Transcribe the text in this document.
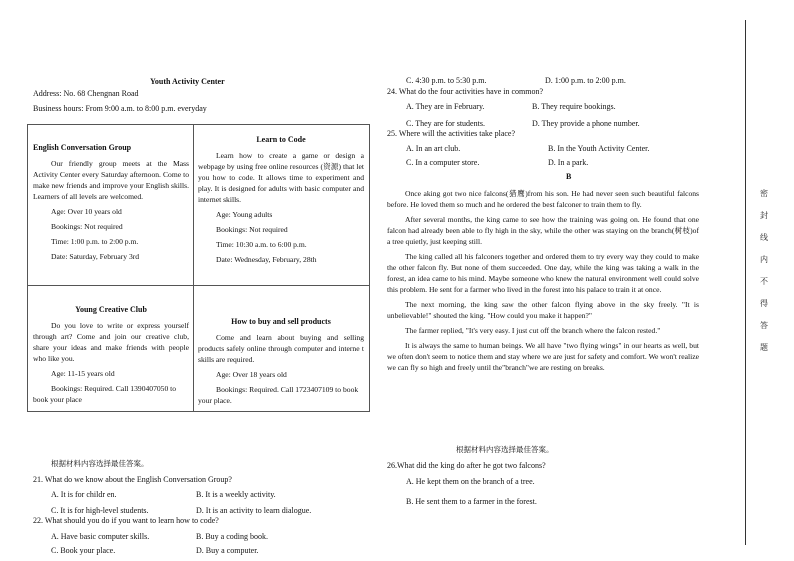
Youth Activity Center
Address: No. 68 Chengnan Road
Business hours: From 9:00 a.m. to 8:00 p.m. everyday

English Conversation Group

Our friendly group meets at the Mass Activity Center every Saturday afternoon. Come to make new friends and improve your English skills. Learners of all levels are welcomed.

Age: Over 10 years old

Bookings: Not required

Time: 1:00 p.m. to 2:00 p.m.

Date: Saturday, February 3rd

Learn to Code

Learn how to create a game or design a webpage by using free online resources (资源) that let you how to code. It allows time to experiment and play. It is designed for adults with basic computer and internet skills.

Age: Young adults

Bookings: Not required

Time: 10:30 a.m. to 6:00 p.m.

Date: Wednesday, February, 28th

Young Creative Club

Do you love to write or express yourself through art? Come and join our creative club, share your ideas and make friends with people who like you.

Age: 11-15 years old

Bookings: Required. Call 1390407050 to book your place

How to buy and sell products

Come and learn about buying and selling products safely online through computer and interne t skills are required.

Age: Over 18 years old

Bookings: Required. Call 1723407109 to book your place.

根据材料内容选择最佳答案。
21. What do we know about the English Conversation Group?
A. It is for childr en.	B. It is a weekly activity.
C. It is for high-level students.	D. It is an activity to learn dialogue.
22. What should you do if you want to learn how to code?
A. Have basic computer skills.	B. Buy a coding book.
C. Book your place.	D. Buy a computer.
C. 4:30 p.m. to 5:30 p.m.	D. 1:00 p.m. to 2:00 p.m.
24. What do the four activities have in common?
A. They are in February.	B. They require bookings.
C. They are for students.	D. They provide a phone number.
25. Where will the activities take place?
A. In an art club.	B. In the Youth Activity Center.
C. In a computer store.	D. In a park.
B

Once aking got two nice falcons(猎鹰)from his son. He had never seen such beautiful falcons before. He loved them so much and he ordered the best falconer to train them to fly.

After several months, the king came to see how the training was going on. He found that one falcon had already been able to fly high in the sky, while the other was staying on the branch(树枝)of a tree quietly, just keeping still.

The king called all his falconers together and ordered them to try every way they could to make the other falcon fly. But none of them succeeded. One day, while the king was taking a walk in the forest, an idea came to his mind. Maybe someone who knew the natural environment well could solve this problem. He sent for a farmer who lived in the forest into his palace to train it at once.

The next morning, the king saw the other falcon flying above in the sky freely. "It is unbelievable!" shouted the king. "How could you make it happen?"

The farmer replied, "It's very easy. I just cut off the branch where the falcon rested."

It is always the same to human beings. We all have "two flying wings" in our hearts as well, but we often don't seem to notice them and stay where we are just for safety and comfort. We won't realize we can fly so high and freely until the"branch"we are resting on breaks.

根据材料内容选择最佳答案。
26.What did the king do after he got two falcons?
A. He kept them on the branch of a tree.
B. He sent them to a farmer in the forest.
密
封
线
内
不
得
答
题
